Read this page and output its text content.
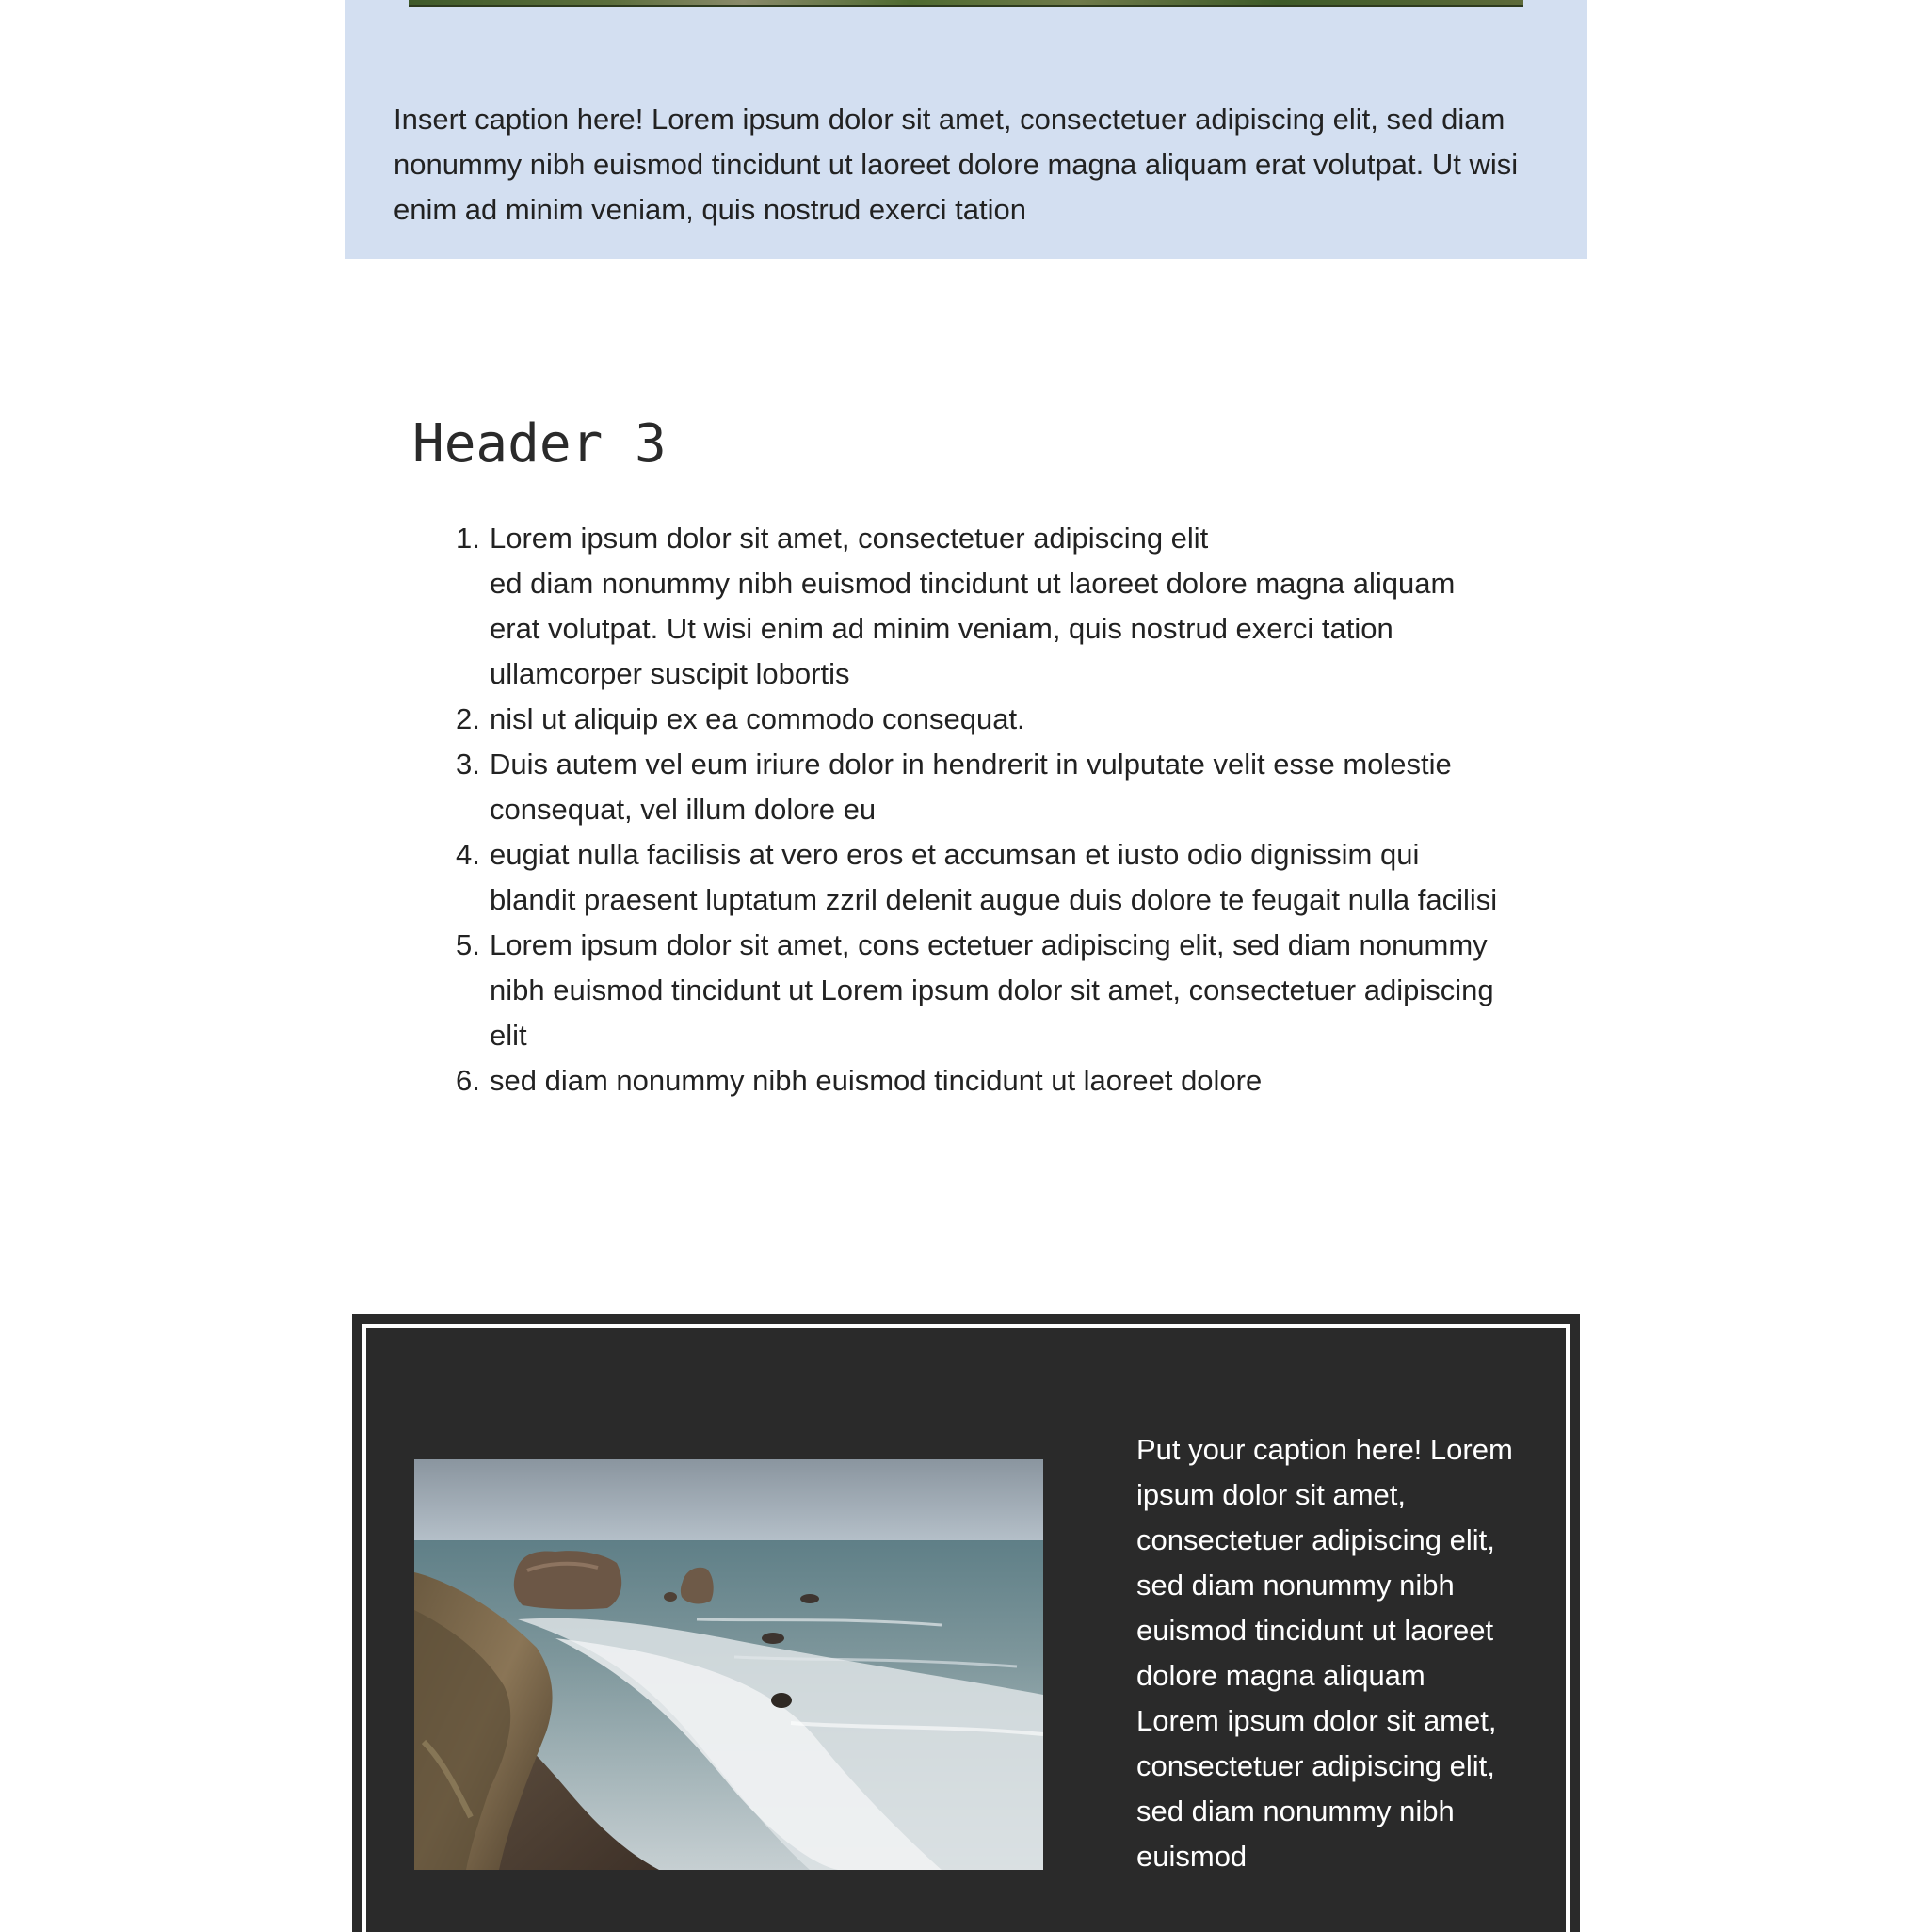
Insert caption here! Lorem ipsum dolor sit amet, consectetuer adipiscing elit, sed diam nonummy nibh euismod tincidunt ut laoreet dolore magna aliquam erat volutpat. Ut wisi enim ad minim veniam, quis nostrud exerci tation

Header 3
1. Lorem ipsum dolor sit amet, consectetuer adipiscing elit
ed diam nonummy nibh euismod tincidunt ut laoreet dolore magna aliquam erat volutpat. Ut wisi enim ad minim veniam, quis nostrud exerci tation ullamcorper suscipit lobortis
2. nisl ut aliquip ex ea commodo consequat.
3. Duis autem vel eum iriure dolor in hendrerit in vulputate velit esse molestie consequat, vel illum dolore eu
4. eugiat nulla facilisis at vero eros et accumsan et iusto odio dignissim qui blandit praesent luptatum zzril delenit augue duis dolore te feugait nulla facilisi
5. Lorem ipsum dolor sit amet, cons ectetuer adipiscing elit, sed diam nonummy nibh euismod tincidunt ut Lorem ipsum dolor sit amet, consectetuer adipiscing elit
6. sed diam nonummy nibh euismod tincidunt ut laoreet dolore

Put your caption here! Lorem ipsum dolor sit amet, consectetuer adipiscing elit, sed diam nonummy nibh euismod tincidunt ut laoreet dolore magna aliquam Lorem ipsum dolor sit amet, consectetuer adipiscing elit, sed diam nonummy nibh euismod
